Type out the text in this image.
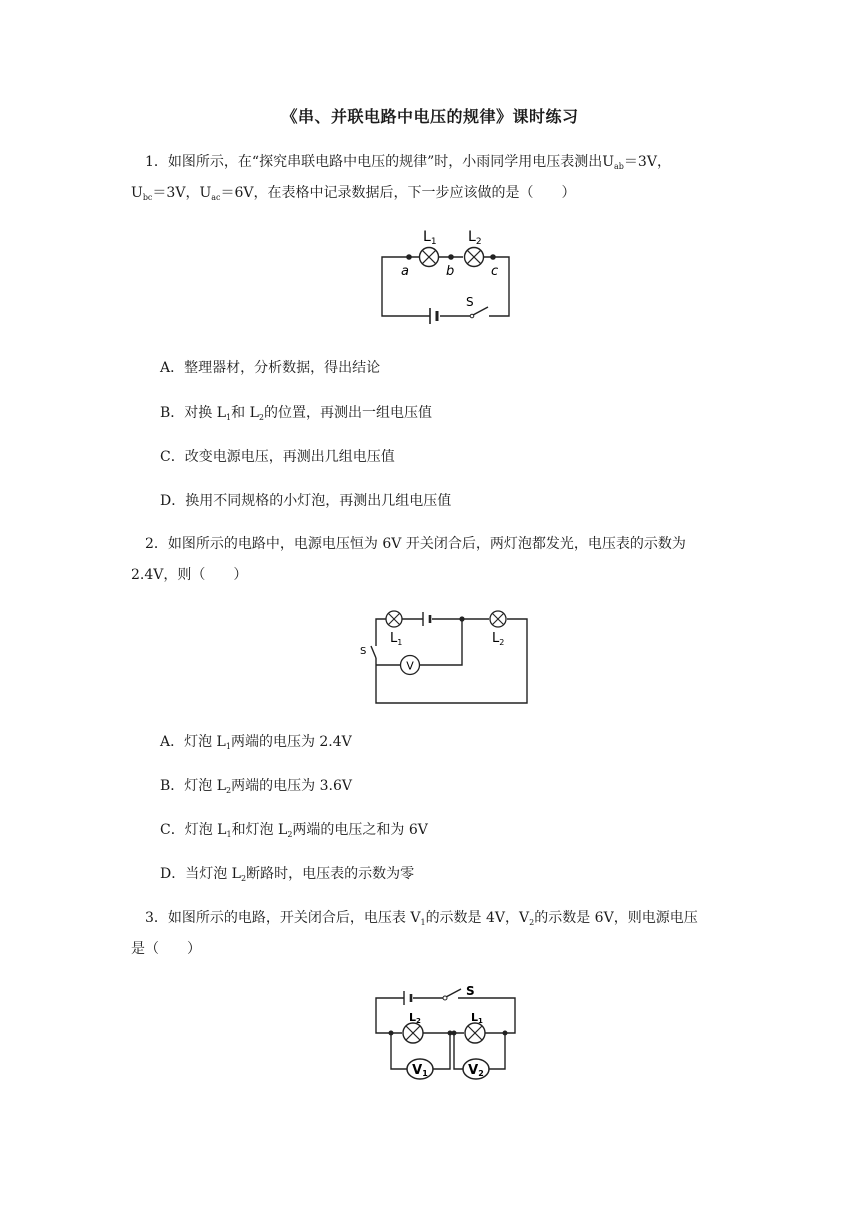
《串、并联电路中电压的规律》课时练习
1．如图所示，在“探究串联电路中电压的规律”时，小雨同学用电压表测出$U_{ab}=3V$，
$U_{bc}=3V$，$U_{ac}=6V$，在表格中记录数据后，下一步应该做的是（　　）
$L_1$ $L_2$
a	b	c
S
A．整理器材，分析数据，得出结论
B．对换 $L_1$和 $L_2$的位置，再测出一组电压值
C．改变电源电压，再测出几组电压值
D．换用不同规格的小灯泡，再测出几组电压值
2．如图所示的电路中，电源电压恒为 6V 开关闭合后，两灯泡都发光，电压表的示数为
2.4V，则（　　）
V
$L_1$	$L_2$
S
A．灯泡 $L_1$两端的电压为 2.4V
B．灯泡 $L_2$两端的电压为 3.6V
C．灯泡 $L_1$和灯泡 $L_2$两端的电压之和为 6V
D．当灯泡 $L_2$断路时，电压表的示数为零
3．如图所示的电路，开关闭合后，电压表 $V_1$的示数是 4V，$V_2$的示数是 6V，则电源电压
是（　　）
V1	V2
S
L2	L1
